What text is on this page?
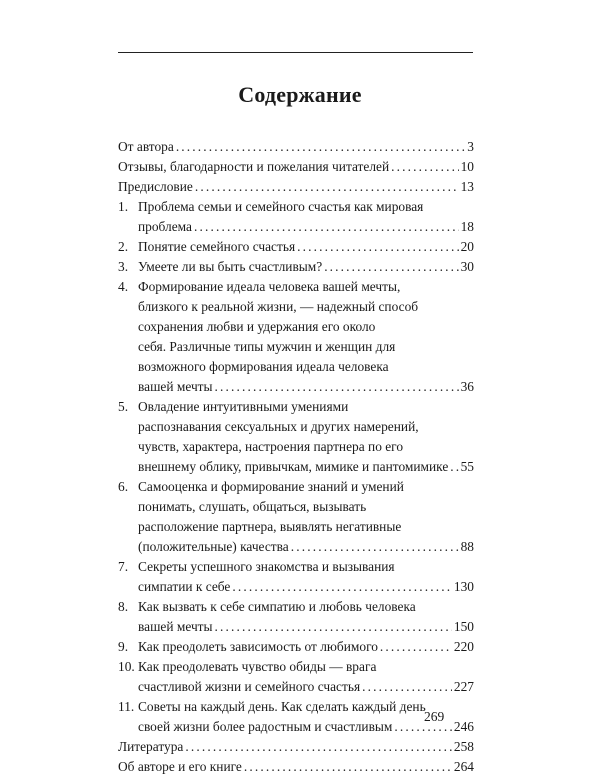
Содержание
От автора . . .	3
Отзывы, благодарности и пожелания читателей . . .	10
Предисловие . . .	13
1. Проблема семьи и семейного счастья как мировая
проблема . . .	18
2. Понятие семейного счастья . . .	20
3. Умеете ли вы быть счастливым? . . .	30
4. Формирование идеала человека вашей мечты,
близкого к реальной жизни, — надежный способ
сохранения любви и удержания его около
себя. Различные типы мужчин и женщин для
возможного формирования идеала человека
вашей мечты . . .	36
5. Овладение интуитивными умениями
распознавания сексуальных и других намерений,
чувств, характера, настроения партнера по его
внешнему облику, привычкам, мимике и пантомимике . . . 55
6. Самооценка и формирование знаний и умений
понимать, слушать, общаться, вызывать
расположение партнера, выявлять негативные
(положительные) качества . . .	88
7. Секреты успешного знакомства и вызывания
симпатии к себе . . .	130
8. Как вызвать к себе симпатию и любовь человека
вашей мечты . . .	150
9. Как преодолеть зависимость от любимого . . .	220
10. Как преодолевать чувство обиды — врага
счастливой жизни и семейного счастья . . .	227
11. Советы на каждый день. Как сделать каждый день
своей жизни более радостным и счастливым . . .	246
Литература . . .	258
Об авторе и его книге . . .	264
269
